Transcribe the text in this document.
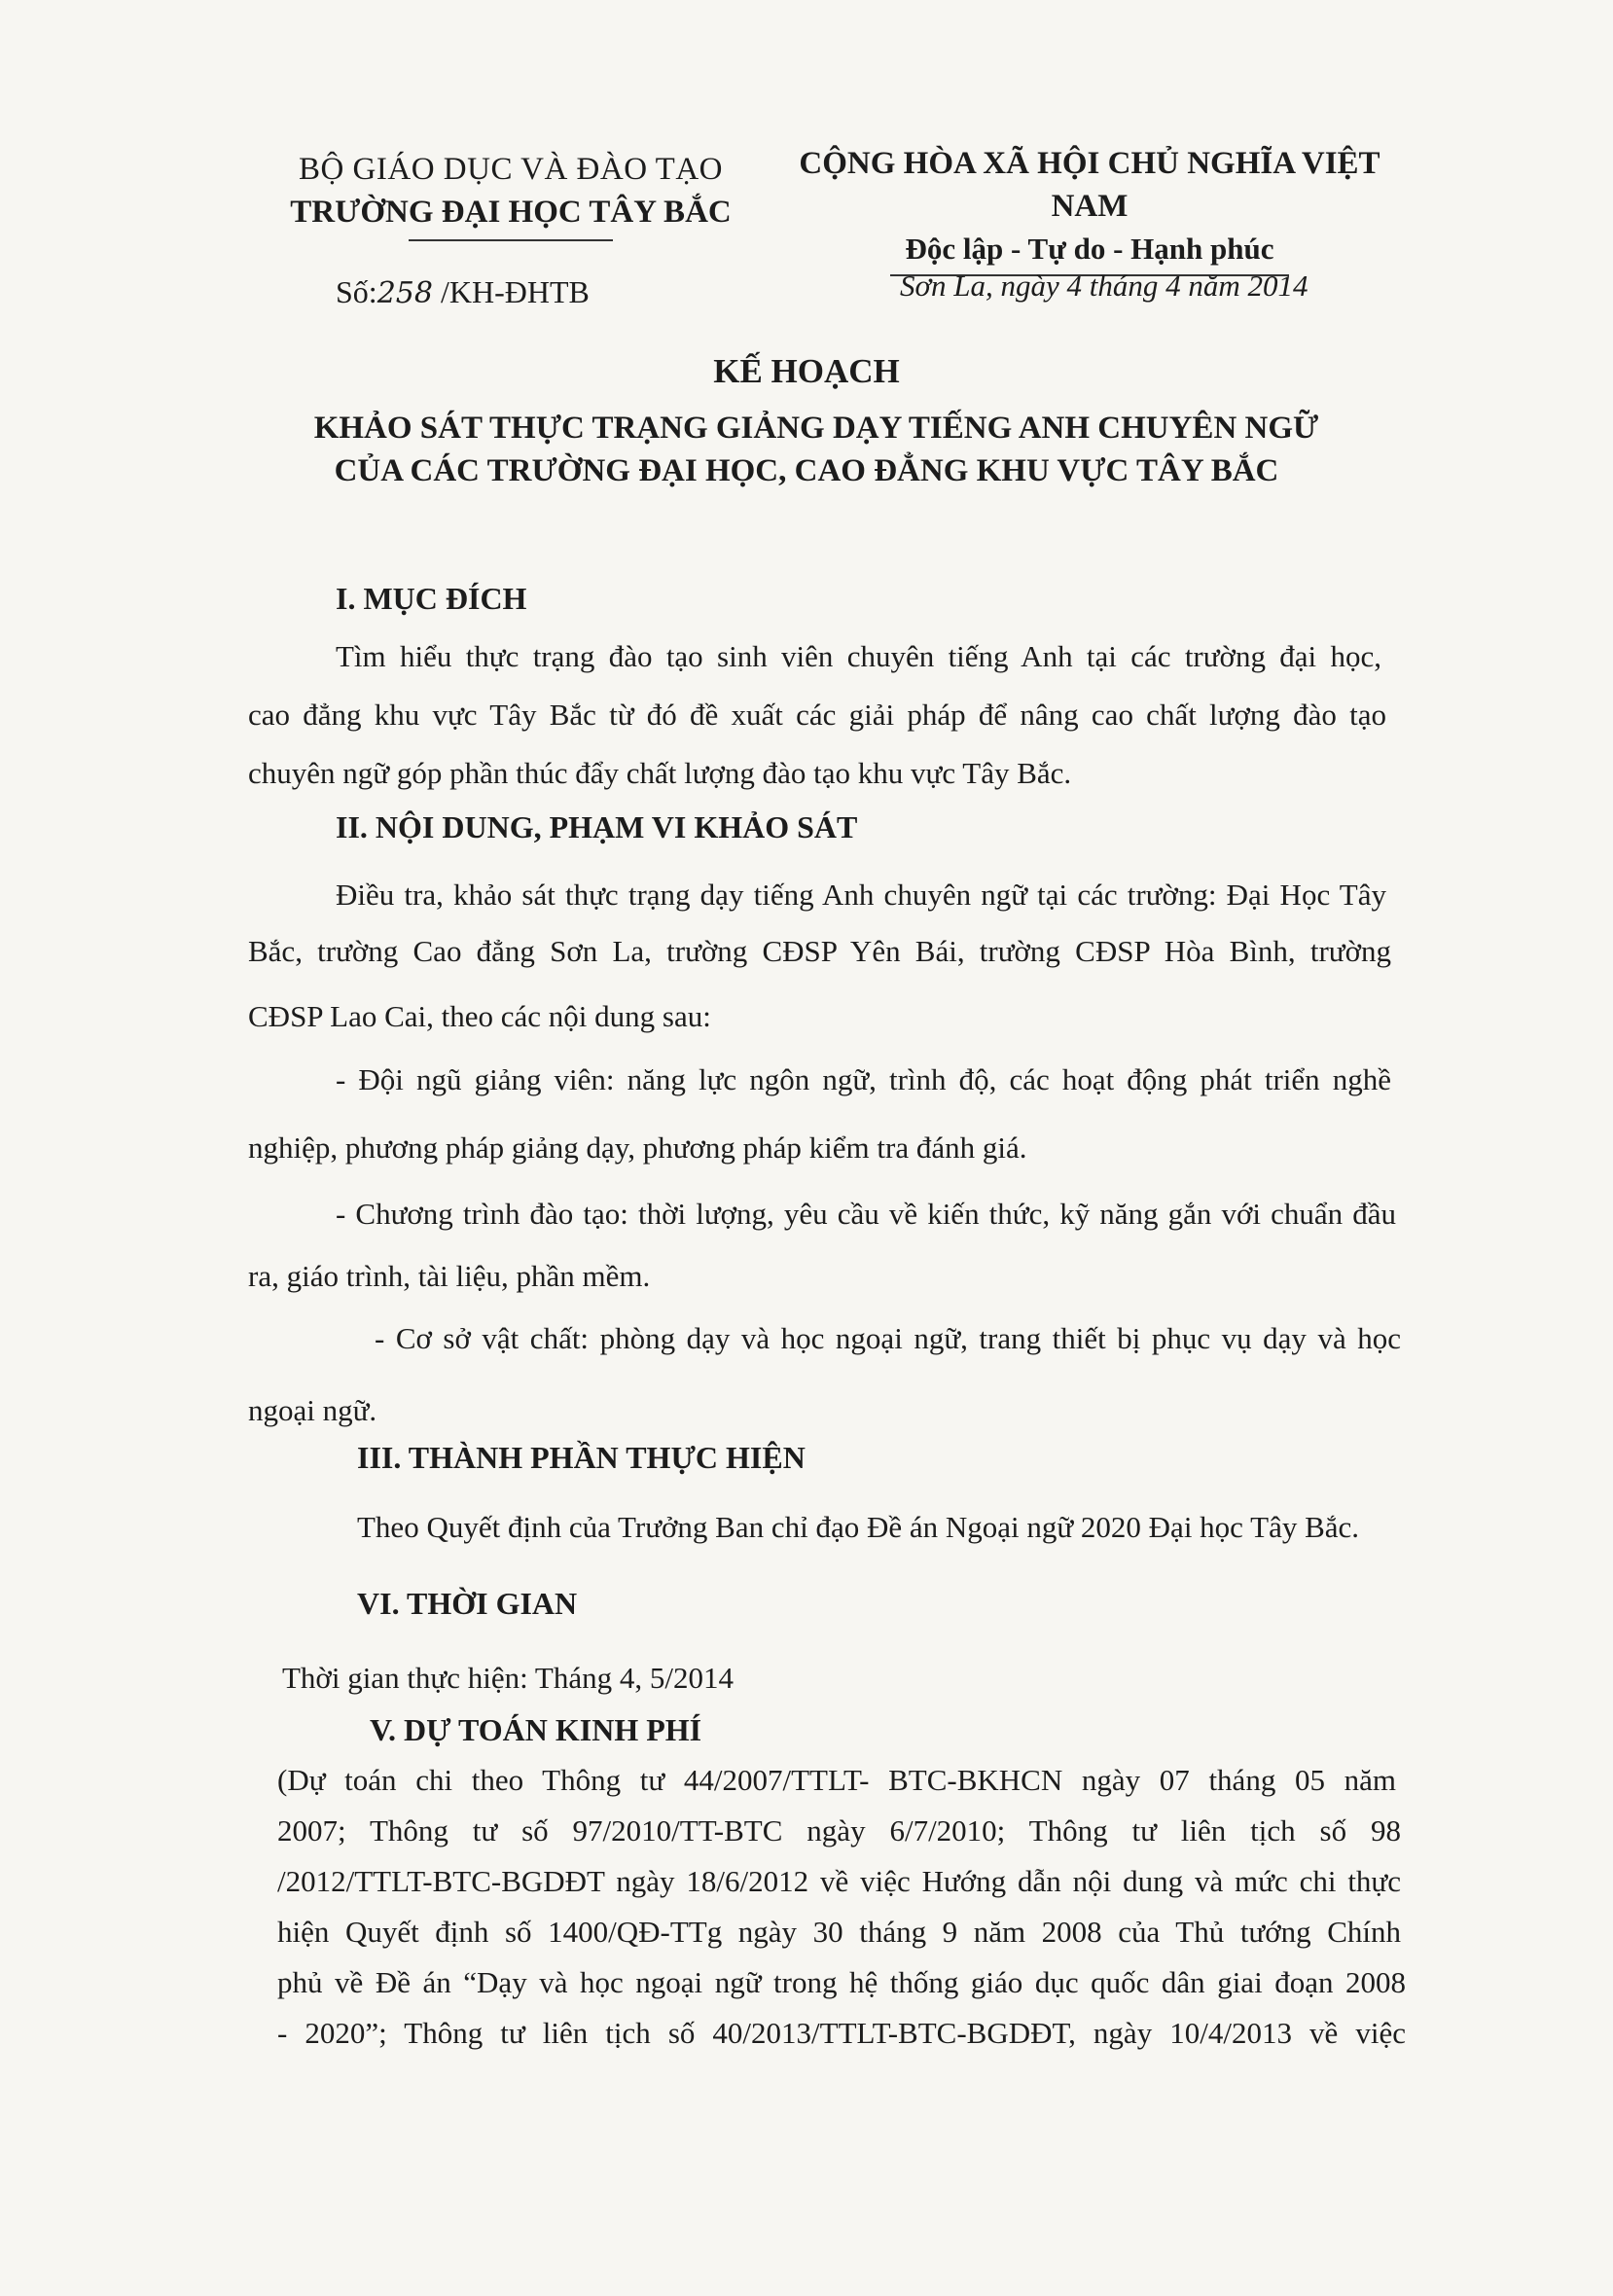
BỘ GIÁO DỤC VÀ ĐÀO TẠO
TRƯỜNG ĐẠI HỌC TÂY BẮC
CỘNG HÒA XÃ HỘI CHỦ NGHĨA VIỆT NAM
Độc lập - Tự do - Hạnh phúc
Số:258 /KH-ĐHTB	Sơn La, ngày 4 tháng 4 năm 2014
KẾ HOẠCH
KHẢO SÁT THỰC TRẠNG GIẢNG DẠY TIẾNG ANH CHUYÊN NGỮ
CỦA CÁC TRƯỜNG ĐẠI HỌC, CAO ĐẲNG KHU VỰC TÂY BẮC
I. MỤC ĐÍCH
Tìm hiểu thực trạng đào tạo sinh viên chuyên tiếng Anh tại các trường đại học,
cao đẳng khu vực Tây Bắc từ đó đề xuất các giải pháp để nâng cao chất lượng đào tạo
chuyên ngữ góp phần thúc đẩy chất lượng đào tạo khu vực Tây Bắc.
II. NỘI DUNG, PHẠM VI KHẢO SÁT
Điều tra, khảo sát thực trạng dạy tiếng Anh chuyên ngữ tại các trường: Đại Học Tây
Bắc, trường Cao đẳng Sơn La, trường CĐSP Yên Bái, trường CĐSP Hòa Bình, trường
CĐSP Lao Cai, theo các nội dung sau:
- Đội ngũ giảng viên: năng lực ngôn ngữ, trình độ, các hoạt động phát triển nghề
nghiệp, phương pháp giảng dạy, phương pháp kiểm tra đánh giá.
- Chương trình đào tạo: thời lượng, yêu cầu về kiến thức, kỹ năng gắn với chuẩn đầu
ra, giáo trình, tài liệu, phần mềm.
- Cơ sở vật chất: phòng dạy và học ngoại ngữ, trang thiết bị phục vụ dạy và học
ngoại ngữ.
III. THÀNH PHẦN THỰC HIỆN
Theo Quyết định của Trưởng Ban chỉ đạo Đề án Ngoại ngữ 2020 Đại học Tây Bắc.
VI. THỜI GIAN
Thời gian thực hiện: Tháng 4, 5/2014
V. DỰ TOÁN KINH PHÍ
(Dự toán chi theo Thông tư 44/2007/TTLT- BTC-BKHCN ngày 07 tháng 05 năm
2007; Thông tư số 97/2010/TT-BTC ngày 6/7/2010; Thông tư liên tịch số 98
/2012/TTLT-BTC-BGDĐT ngày 18/6/2012 về việc Hướng dẫn nội dung và mức chi thực
hiện Quyết định số 1400/QĐ-TTg ngày 30 tháng 9 năm 2008 của Thủ tướng Chính
phủ về Đề án “Dạy và học ngoại ngữ trong hệ thống giáo dục quốc dân giai đoạn 2008
- 2020”; Thông tư liên tịch số 40/2013/TTLT-BTC-BGDĐT, ngày 10/4/2013 về việc
